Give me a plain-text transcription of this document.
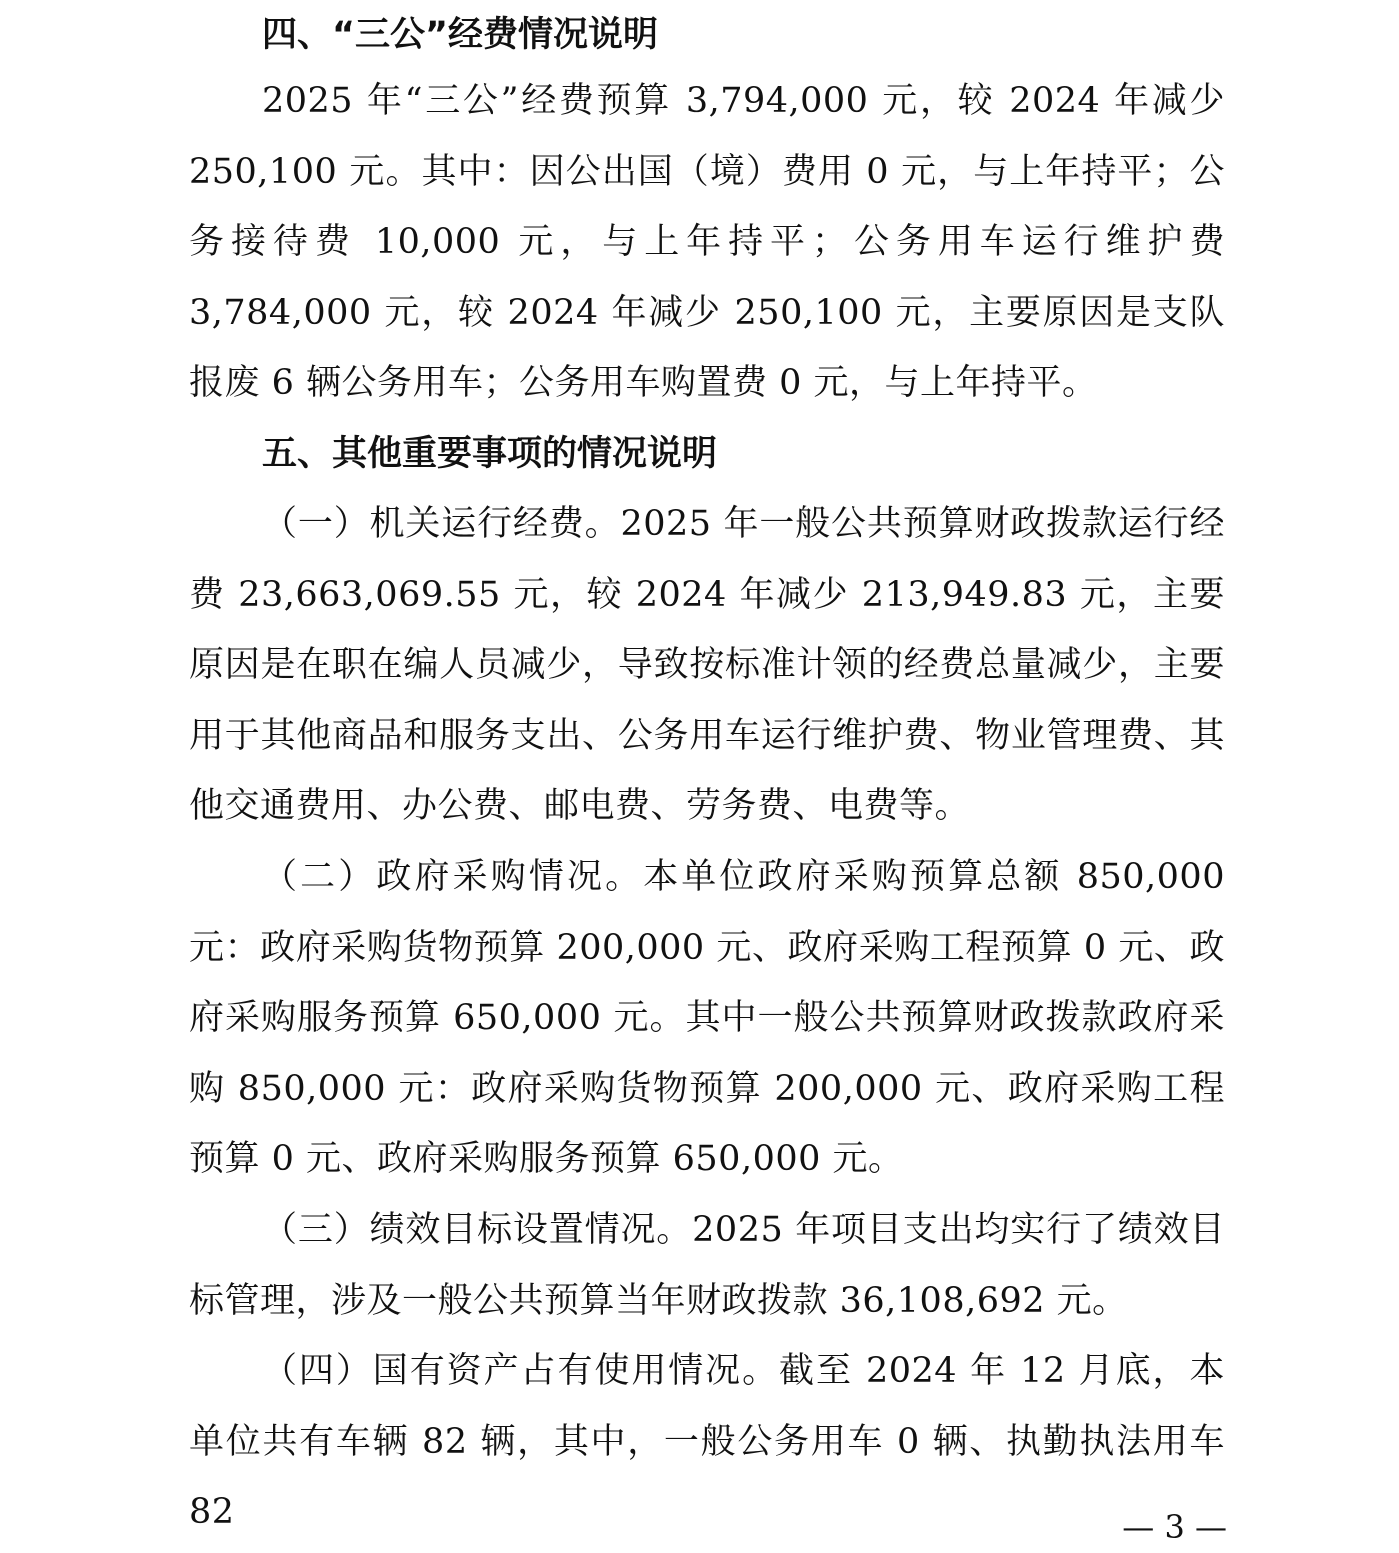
四、“三公”经费情况说明

2025 年“三公”经费预算 3,794,000 元，较 2024 年减少 250,100 元。其中：因公出国（境）费用 0 元，与上年持平；公务接待费 10,000 元，与上年持平；公务用车运行维护费 3,784,000 元，较 2024 年减少 250,100 元，主要原因是支队报废 6 辆公务用车；公务用车购置费 0 元，与上年持平。

五、其他重要事项的情况说明

（一）机关运行经费。2025 年一般公共预算财政拨款运行经费 23,663,069.55 元，较 2024 年减少 213,949.83 元，主要原因是在职在编人员减少，导致按标准计领的经费总量减少，主要用于其他商品和服务支出、公务用车运行维护费、物业管理费、其他交通费用、办公费、邮电费、劳务费、电费等。

（二）政府采购情况。本单位政府采购预算总额 850,000 元：政府采购货物预算 200,000 元、政府采购工程预算 0 元、政府采购服务预算 650,000 元。其中一般公共预算财政拨款政府采购 850,000 元：政府采购货物预算 200,000 元、政府采购工程预算 0 元、政府采购服务预算 650,000 元。

（三）绩效目标设置情况。2025 年项目支出均实行了绩效目标管理，涉及一般公共预算当年财政拨款 36,108,692 元。

（四）国有资产占有使用情况。截至 2024 年 12 月底，本单位共有车辆 82 辆，其中，一般公务用车 0 辆、执勤执法用车 82	— 3 —
